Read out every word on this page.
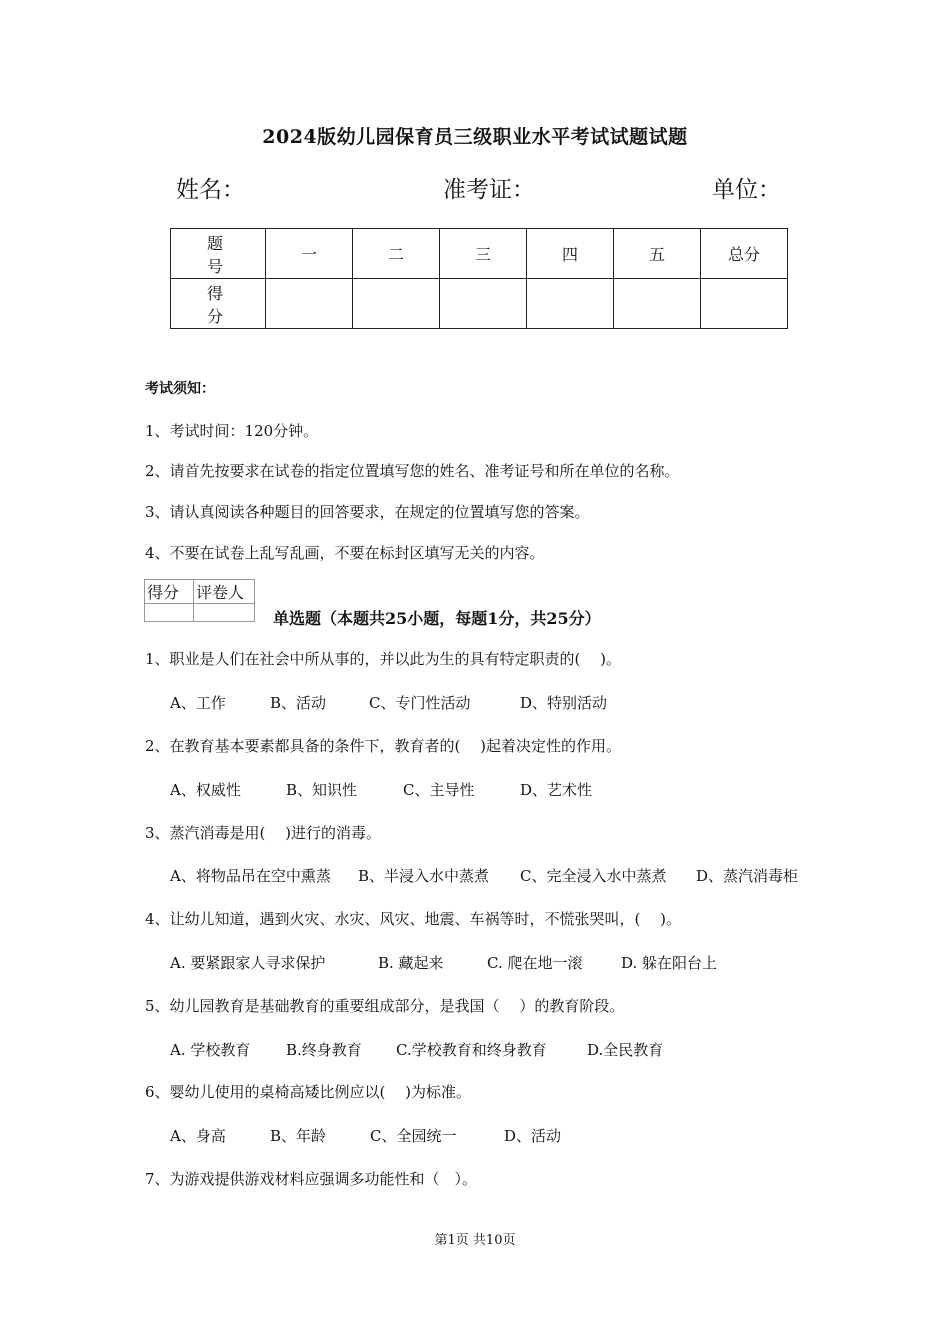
2024版幼儿园保育员三级职业水平考试试题试题
姓名：	准考证：	单位：
题　号	一	二	三	四	五	总分
得　分						
考试须知：
1、考试时间：120分钟。
2、请首先按要求在试卷的指定位置填写您的姓名、准考证号和所在单位的名称。
3、请认真阅读各种题目的回答要求，在规定的位置填写您的答案。
4、不要在试卷上乱写乱画，不要在标封区填写无关的内容。
得分	评卷人

单选题（本题共25小题，每题1分，共25分）
1、职业是人们在社会中所从事的，并以此为生的具有特定职责的(　 )。
A、工作	B、活动	C、专门性活动	D、特别活动
2、在教育基本要素都具备的条件下，教育者的(　 )起着决定性的作用。
A、权威性	B、知识性	C、主导性	D、艺术性
3、蒸汽消毒是用(　 )进行的消毒。
A、将物品吊在空中熏蒸 B、半浸入水中蒸煮 C、完全浸入水中蒸煮 D、蒸汽消毒柜
4、让幼儿知道，遇到火灾、水灾、风灾、地震、车祸等时，不慌张哭叫，(　 )。
A. 要紧跟家人寻求保护	B. 藏起来	C. 爬在地一滚	D. 躲在阳台上
5、幼儿园教育是基础教育的重要组成部分，是我国（　 ）的教育阶段。
A. 学校教育 B.终身教育 C.学校教育和终身教育	D.全民教育
6、婴幼儿使用的桌椅高矮比例应以(　 )为标准。
A、身高	B、年龄	C、全园统一	D、活动
7、为游戏提供游戏材料应强调多功能性和（　）。
第1页 共10页
